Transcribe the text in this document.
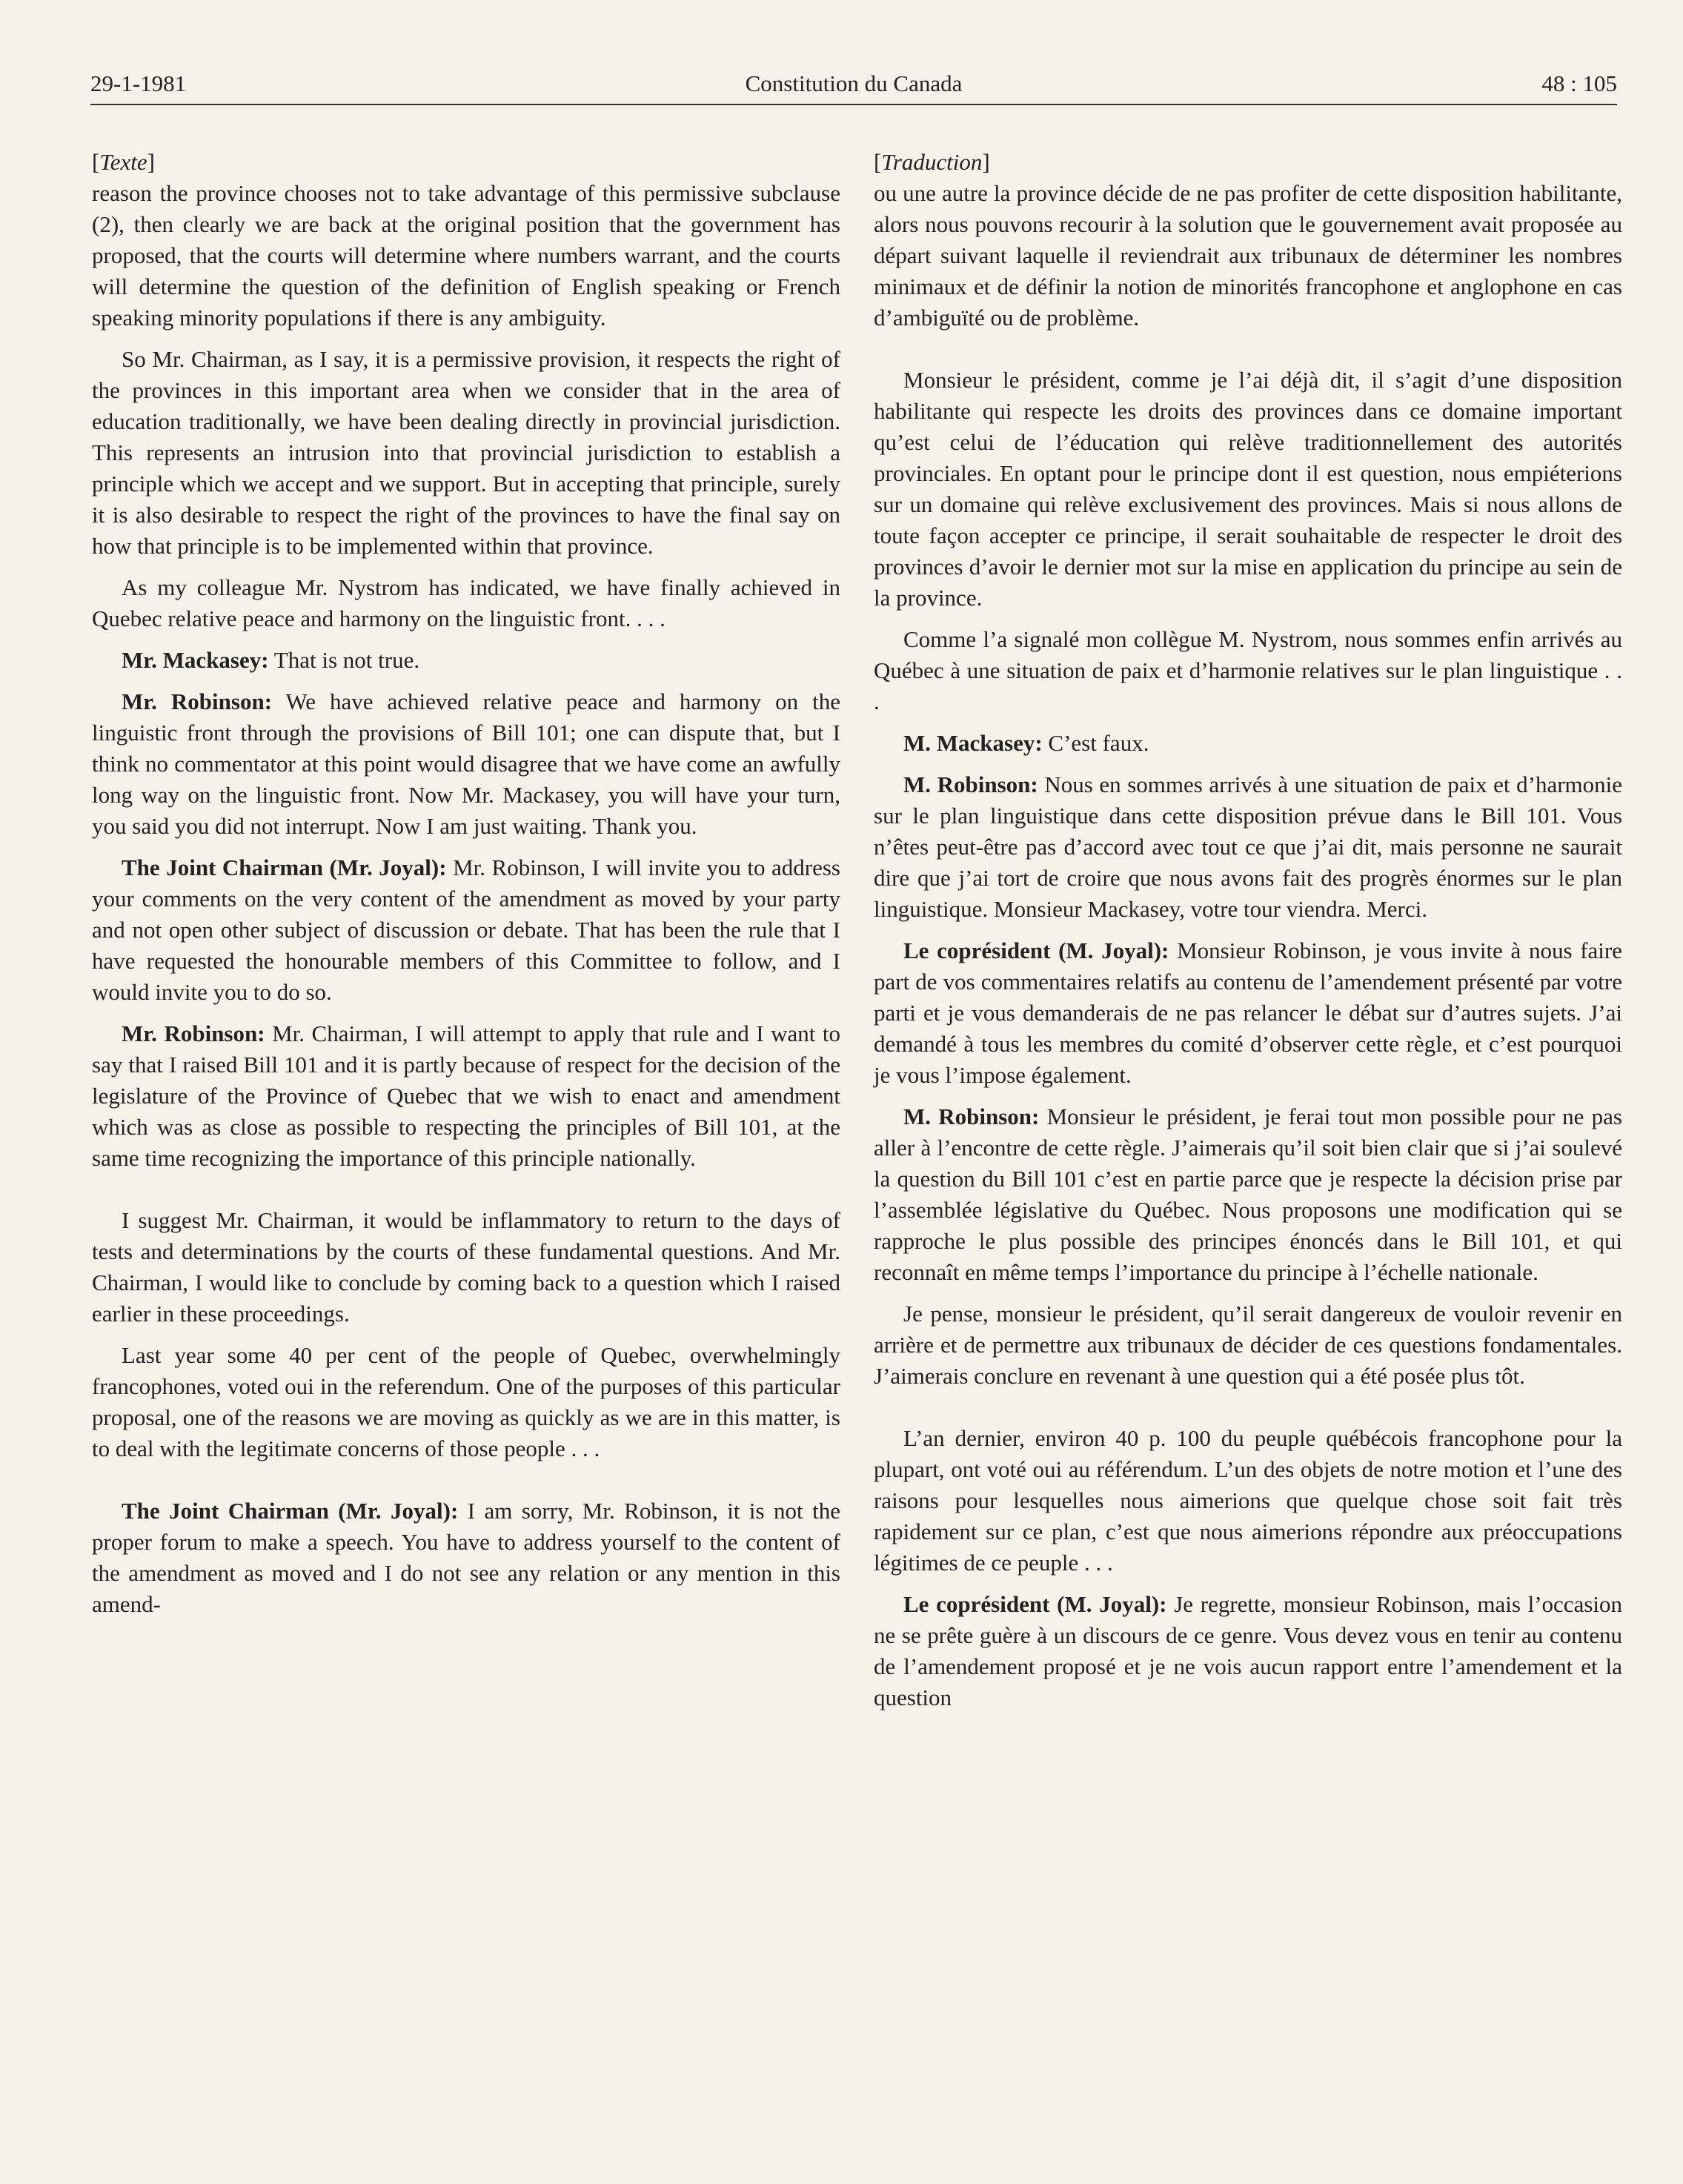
29-1-1981	Constitution du Canada	48 : 105

[Texte]

reason the province chooses not to take advantage of this permissive subclause (2), then clearly we are back at the original position that the government has proposed, that the courts will determine where numbers warrant, and the courts will determine the question of the definition of English speaking or French speaking minority populations if there is any ambiguity.

So Mr. Chairman, as I say, it is a permissive provision, it respects the right of the provinces in this important area when we consider that in the area of education traditionally, we have been dealing directly in provincial jurisdiction. This represents an intrusion into that provincial jurisdiction to establish a principle which we accept and we support. But in accepting that principle, surely it is also desirable to respect the right of the provinces to have the final say on how that principle is to be implemented within that province.

As my colleague Mr. Nystrom has indicated, we have finally achieved in Quebec relative peace and harmony on the linguistic front. . . .

Mr. Mackasey: That is not true.

Mr. Robinson: We have achieved relative peace and harmony on the linguistic front through the provisions of Bill 101; one can dispute that, but I think no commentator at this point would disagree that we have come an awfully long way on the linguistic front. Now Mr. Mackasey, you will have your turn, you said you did not interrupt. Now I am just waiting. Thank you.

The Joint Chairman (Mr. Joyal): Mr. Robinson, I will invite you to address your comments on the very content of the amendment as moved by your party and not open other subject of discussion or debate. That has been the rule that I have requested the honourable members of this Committee to follow, and I would invite you to do so.

Mr. Robinson: Mr. Chairman, I will attempt to apply that rule and I want to say that I raised Bill 101 and it is partly because of respect for the decision of the legislature of the Province of Quebec that we wish to enact and amendment which was as close as possible to respecting the principles of Bill 101, at the same time recognizing the importance of this principle nationally.

I suggest Mr. Chairman, it would be inflammatory to return to the days of tests and determinations by the courts of these fundamental questions. And Mr. Chairman, I would like to conclude by coming back to a question which I raised earlier in these proceedings.

Last year some 40 per cent of the people of Quebec, overwhelmingly francophones, voted oui in the referendum. One of the purposes of this particular proposal, one of the reasons we are moving as quickly as we are in this matter, is to deal with the legitimate concerns of those people . . .

The Joint Chairman (Mr. Joyal): I am sorry, Mr. Robinson, it is not the proper forum to make a speech. You have to address yourself to the content of the amendment as moved and I do not see any relation or any mention in this amend-

[Traduction]

ou une autre la province décide de ne pas profiter de cette disposition habilitante, alors nous pouvons recourir à la solution que le gouvernement avait proposée au départ suivant laquelle il reviendrait aux tribunaux de déterminer les nombres minimaux et de définir la notion de minorités francophone et anglophone en cas d’ambiguïté ou de problème.

Monsieur le président, comme je l’ai déjà dit, il s’agit d’une disposition habilitante qui respecte les droits des provinces dans ce domaine important qu’est celui de l’éducation qui relève traditionnellement des autorités provinciales. En optant pour le principe dont il est question, nous empiéterions sur un domaine qui relève exclusivement des provinces. Mais si nous allons de toute façon accepter ce principe, il serait souhaitable de respecter le droit des provinces d’avoir le dernier mot sur la mise en application du principe au sein de la province.

Comme l’a signalé mon collègue M. Nystrom, nous sommes enfin arrivés au Québec à une situation de paix et d’harmonie relatives sur le plan linguistique . . .

M. Mackasey: C’est faux.

M. Robinson: Nous en sommes arrivés à une situation de paix et d’harmonie sur le plan linguistique dans cette disposition prévue dans le Bill 101. Vous n’êtes peut-être pas d’accord avec tout ce que j’ai dit, mais personne ne saurait dire que j’ai tort de croire que nous avons fait des progrès énormes sur le plan linguistique. Monsieur Mackasey, votre tour viendra. Merci.

Le coprésident (M. Joyal): Monsieur Robinson, je vous invite à nous faire part de vos commentaires relatifs au contenu de l’amendement présenté par votre parti et je vous demanderais de ne pas relancer le débat sur d’autres sujets. J’ai demandé à tous les membres du comité d’observer cette règle, et c’est pourquoi je vous l’impose également.

M. Robinson: Monsieur le président, je ferai tout mon possible pour ne pas aller à l’encontre de cette règle. J’aimerais qu’il soit bien clair que si j’ai soulevé la question du Bill 101 c’est en partie parce que je respecte la décision prise par l’assemblée législative du Québec. Nous proposons une modification qui se rapproche le plus possible des principes énoncés dans le Bill 101, et qui reconnaît en même temps l’importance du principe à l’échelle nationale.

Je pense, monsieur le président, qu’il serait dangereux de vouloir revenir en arrière et de permettre aux tribunaux de décider de ces questions fondamentales. J’aimerais conclure en revenant à une question qui a été posée plus tôt.

L’an dernier, environ 40 p. 100 du peuple québécois francophone pour la plupart, ont voté oui au référendum. L’un des objets de notre motion et l’une des raisons pour lesquelles nous aimerions que quelque chose soit fait très rapidement sur ce plan, c’est que nous aimerions répondre aux préoccupations légitimes de ce peuple . . .

Le coprésident (M. Joyal): Je regrette, monsieur Robinson, mais l’occasion ne se prête guère à un discours de ce genre. Vous devez vous en tenir au contenu de l’amendement proposé et je ne vois aucun rapport entre l’amendement et la question
